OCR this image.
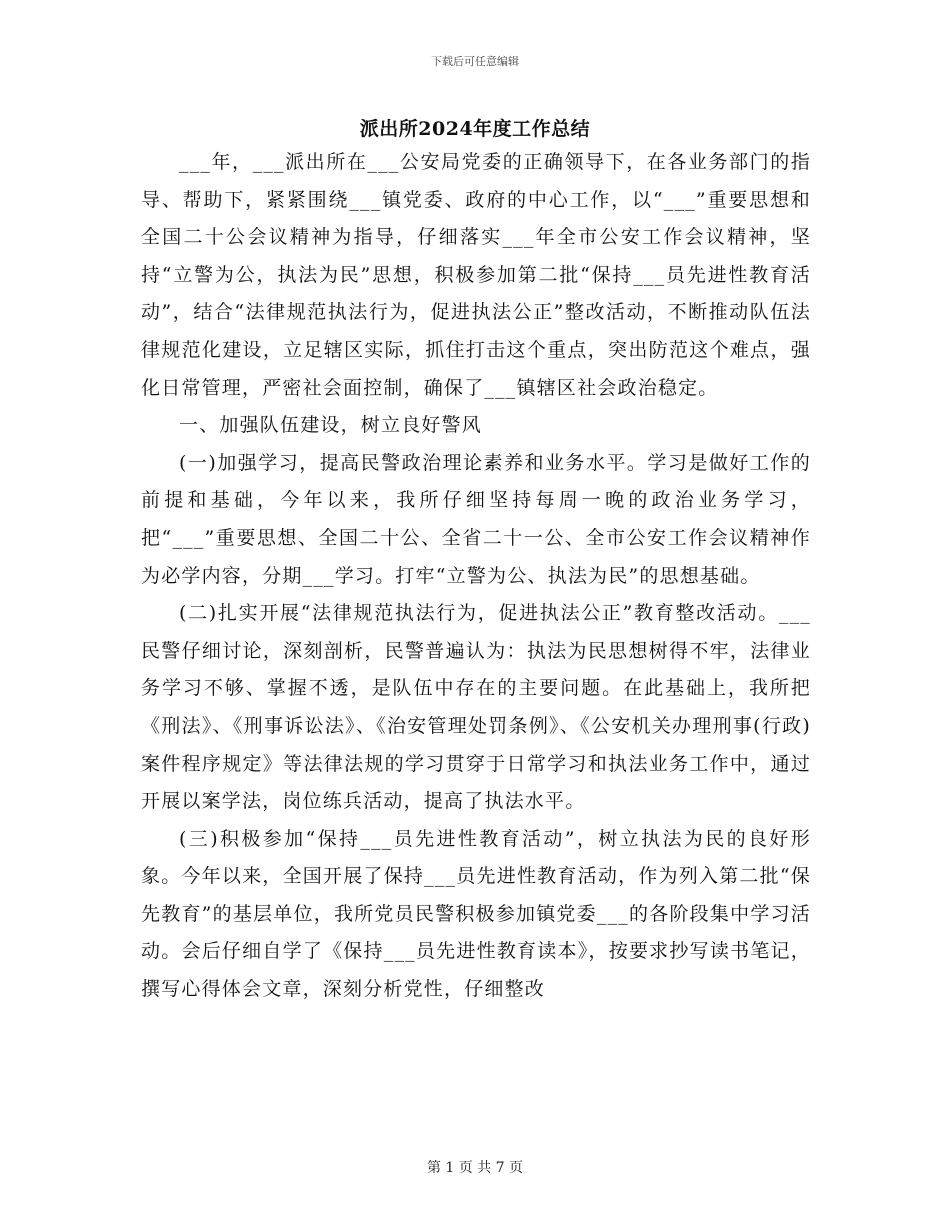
下载后可任意编辑
派出所2024年度工作总结

___年，___派出所在___公安局党委的正确领导下，在各业务部门的指导、帮助下，紧紧围绕___镇党委、政府的中心工作，以“___”重要思想和全国二十公会议精神为指导，仔细落实___年全市公安工作会议精神，坚持“立警为公，执法为民”思想，积极参加第二批“保持___员先进性教育活动”，结合“法律规范执法行为，促进执法公正”整改活动，不断推动队伍法律规范化建设，立足辖区实际，抓住打击这个重点，突出防范这个难点，强化日常管理，严密社会面控制，确保了___镇辖区社会政治稳定。

一、加强队伍建设，树立良好警风

(一)加强学习，提高民警政治理论素养和业务水平。学习是做好工作的前提和基础，今年以来，我所仔细坚持每周一晚的政治业务学习，把“___”重要思想、全国二十公、全省二十一公、全市公安工作会议精神作为必学内容，分期___学习。打牢“立警为公、执法为民”的思想基础。

(二)扎实开展“法律规范执法行为，促进执法公正”教育整改活动。___民警仔细讨论，深刻剖析，民警普遍认为：执法为民思想树得不牢，法律业务学习不够、掌握不透，是队伍中存在的主要问题。在此基础上，我所把《刑法》、《刑事诉讼法》、《治安管理处罚条例》、《公安机关办理刑事(行政)案件程序规定》等法律法规的学习贯穿于日常学习和执法业务工作中，通过开展以案学法，岗位练兵活动，提高了执法水平。

(三)积极参加“保持___员先进性教育活动”，树立执法为民的良好形象。今年以来，全国开展了保持___员先进性教育活动，作为列入第二批“保先教育”的基层单位，我所党员民警积极参加镇党委___的各阶段集中学习活动。会后仔细自学了《保持___员先进性教育读本》，按要求抄写读书笔记，撰写心得体会文章，深刻分析党性，仔细整改

第 1 页 共 7 页
